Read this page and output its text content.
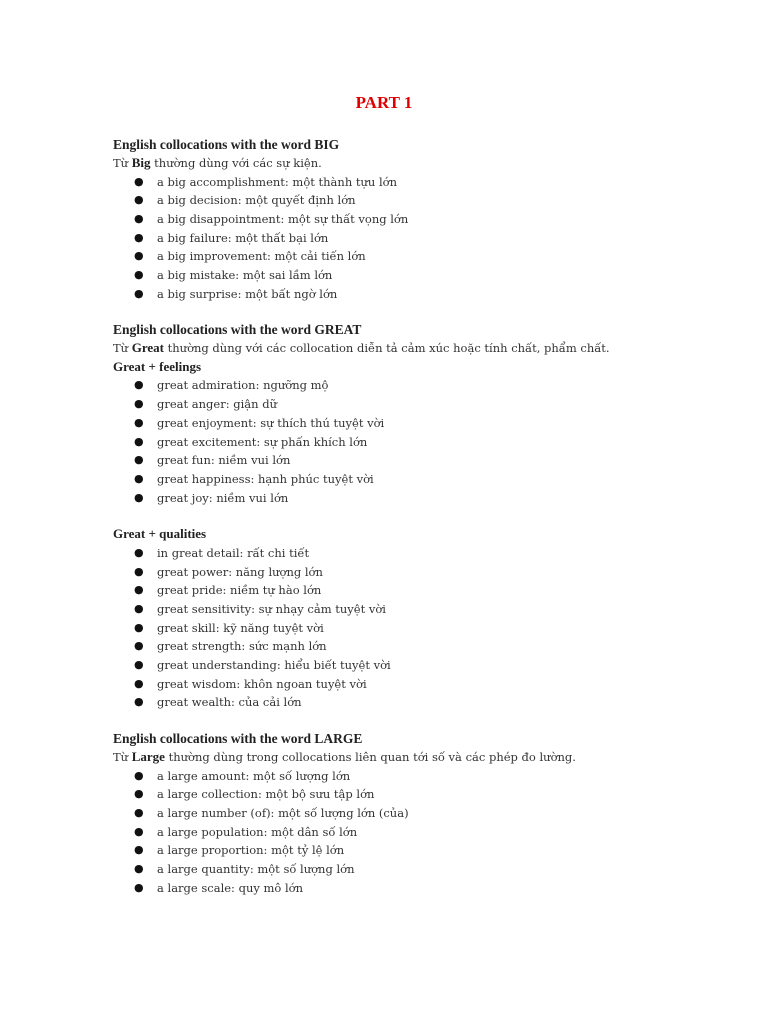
PART 1
English collocations with the word BIG
Từ Big thường dùng với các sự kiện.
● a big accomplishment: một thành tựu lớn
● a big decision: một quyết định lớn
● a big disappointment: một sự thất vọng lớn
● a big failure: một thất bại lớn
● a big improvement: một cải tiến lớn
● a big mistake: một sai lầm lớn
● a big surprise: một bất ngờ lớn
English collocations with the word GREAT
Từ Great thường dùng với các collocation diễn tả cảm xúc hoặc tính chất, phẩm chất.
Great + feelings
● great admiration: ngưỡng mộ
● great anger: giận dữ
● great enjoyment: sự thích thú tuyệt vời
● great excitement: sự phấn khích lớn
● great fun: niềm vui lớn
● great happiness: hạnh phúc tuyệt vời
● great joy: niềm vui lớn
Great + qualities
● in great detail: rất chi tiết
● great power: năng lượng lớn
● great pride: niềm tự hào lớn
● great sensitivity: sự nhạy cảm tuyệt vời
● great skill: kỹ năng tuyệt vời
● great strength: sức mạnh lớn
● great understanding: hiểu biết tuyệt vời
● great wisdom: khôn ngoan tuyệt vời
● great wealth: của cải lớn
English collocations with the word LARGE
Từ Large thường dùng trong collocations liên quan tới số và các phép đo lường.
● a large amount: một số lượng lớn
● a large collection: một bộ sưu tập lớn
● a large number (of): một số lượng lớn (của)
● a large population: một dân số lớn
● a large proportion: một tỷ lệ lớn
● a large quantity: một số lượng lớn
● a large scale: quy mô lớn
